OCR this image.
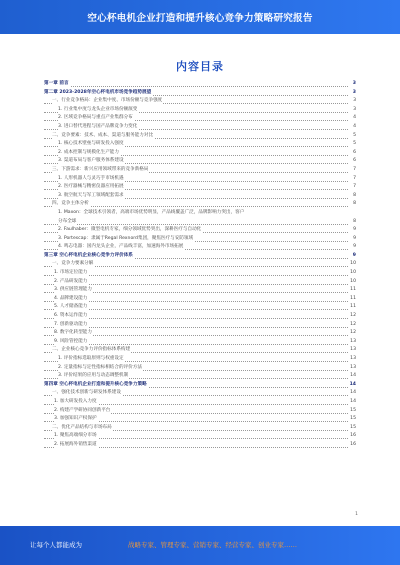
空心杯电机企业打造和提升核心竞争力策略研究报告
内容目录
第一章 前言	3
第二章 2023-2028年空心杯电机市场竞争趋势展望	3
一、行业竞争格局：企业集中度、市场份额与竞争强度	3
1. 行业集中度与龙头企业市场份额演变	3
2. 区域竞争格局与重点产业集群分布	4
3. 进口替代进程与国产品牌竞争力变化	4
二、竞争要素：技术、成本、渠道与服务能力对比	5
1. 核心技术壁垒与研发投入强度	5
2. 成本控制与规模化生产能力	6
3. 渠道布局与客户服务体系建设	6
三、下游需求：新兴应用领域带来的竞争新格局	7
1. 人形机器人与灵巧手市场机遇	7
2. 医疗器械与精密仪器应用拓展	7
3. 航空航天与军工领域配套需求	8
四、竞争主体分析	8
1. Maxon：全球技术引领者，高端市场优势明显，产品线覆盖广泛，品牌影响力突出，客户
分布全球	8
2. Faulhaber：微型电机专家，细分领域优势突出，深耕医疗与自动化	9
3. Portescap：隶属于Regal Rexnord集团，聚焦医疗与安防领域	9
4. 鸣志电器：国内龙头企业，产品线丰富，加速海外市场拓展	9
第三章 空心杯电机企业核心竞争力评价体系	9
一、竞争力要素分解	10
1. 市场定位能力	10
2. 产品研发能力	10
3. 供应链管理能力	11
4. 品牌建设能力	11
5. 人才储备能力	11
6. 资本运作能力	12
7. 创新驱动能力	12
8. 数字化转型能力	12
9. 风险管控能力	13
二、企业核心竞争力评价指标体系构建	13
1. 评价指标选取原则与权重设定	13
2. 定量指标与定性指标相结合的评价方法	13
3. 评价结果的应用与动态调整机制	14
第四章 空心杯电机企业打造和提升核心竞争力策略	14
一、强化技术创新与研发体系建设	14
1. 加大研发投入力度	14
2. 构建产学研协同创新平台	15
3. 加强知识产权保护	15
二、优化产品结构与市场布局	15
1. 聚焦高端细分市场	16
2. 拓展海外销售渠道	16
1
让每个人都能成为	战略专家、管理专家、营销专家、经营专家、创业专家……
